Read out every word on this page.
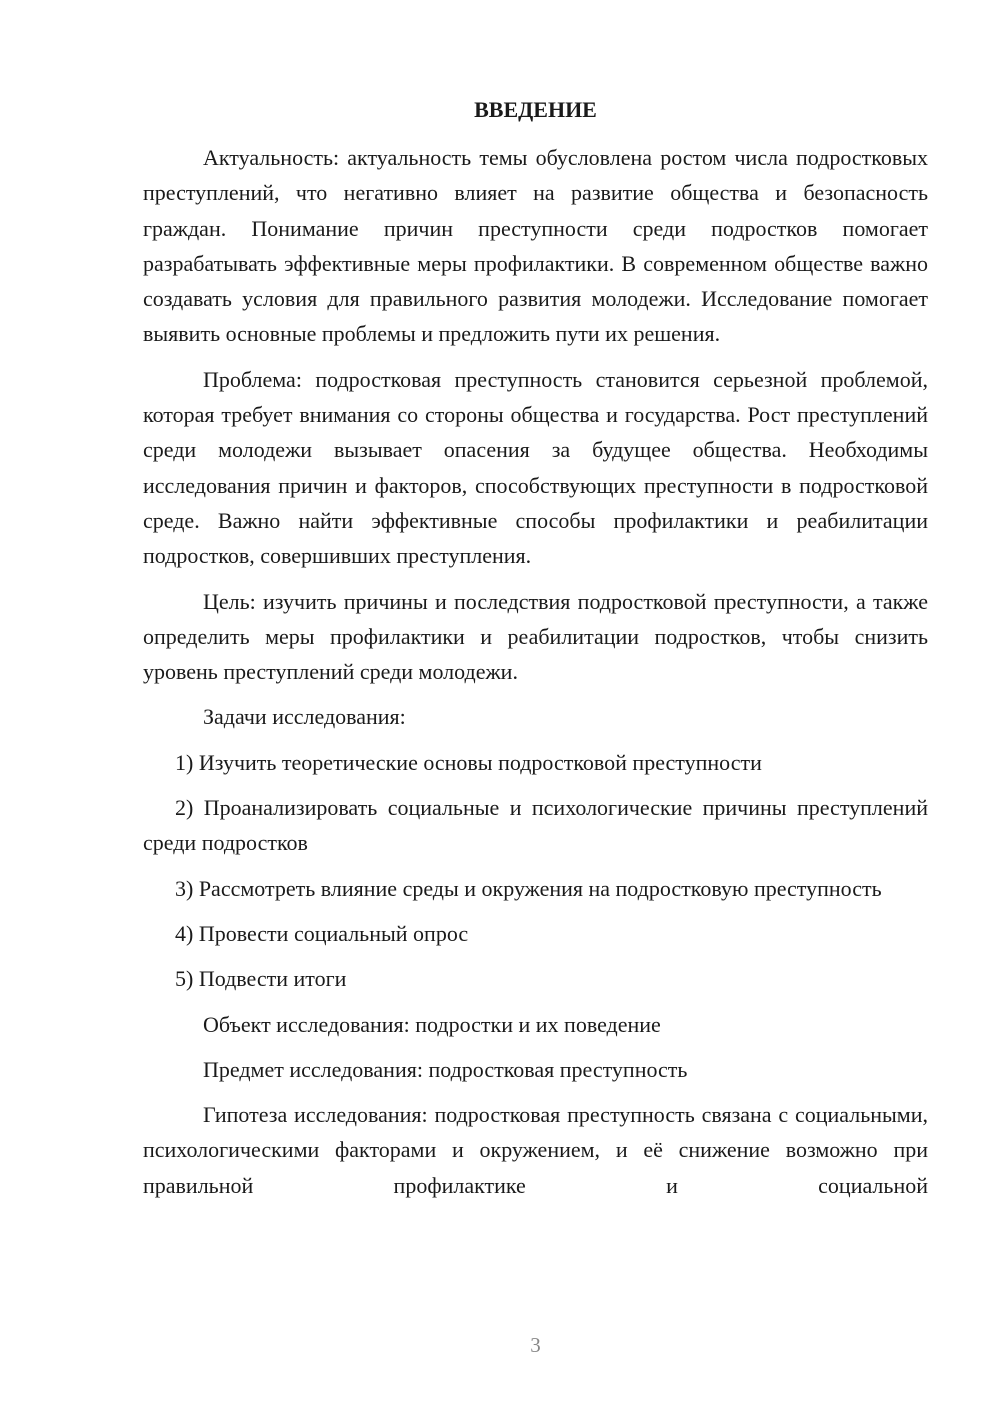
ВВЕДЕНИЕ

Актуальность: актуальность темы обусловлена ростом числа подростковых преступлений, что негативно влияет на развитие общества и безопасность граждан. Понимание причин преступности среди подростков помогает разрабатывать эффективные меры профилактики. В современном обществе важно создавать условия для правильного развития молодежи. Исследование помогает выявить основные проблемы и предложить пути их решения.

Проблема: подростковая преступность становится серьезной проблемой, которая требует внимания со стороны общества и государства. Рост преступлений среди молодежи вызывает опасения за будущее общества. Необходимы исследования причин и факторов, способствующих преступности в подростковой среде. Важно найти эффективные способы профилактики и реабилитации подростков, совершивших преступления.

Цель: изучить причины и последствия подростковой преступности, а также определить меры профилактики и реабилитации подростков, чтобы снизить уровень преступлений среди молодежи.

Задачи исследования:

1) Изучить теоретические основы подростковой преступности

2) Проанализировать социальные и психологические причины преступлений среди подростков

3) Рассмотреть влияние среды и окружения на подростковую преступность

4) Провести социальный опрос

5) Подвести итоги

Объект исследования: подростки и их поведение

Предмет исследования: подростковая преступность

Гипотеза исследования: подростковая преступность связана с социальными, психологическими факторами и окружением, и её снижение возможно при правильной профилактике и социальной

3
